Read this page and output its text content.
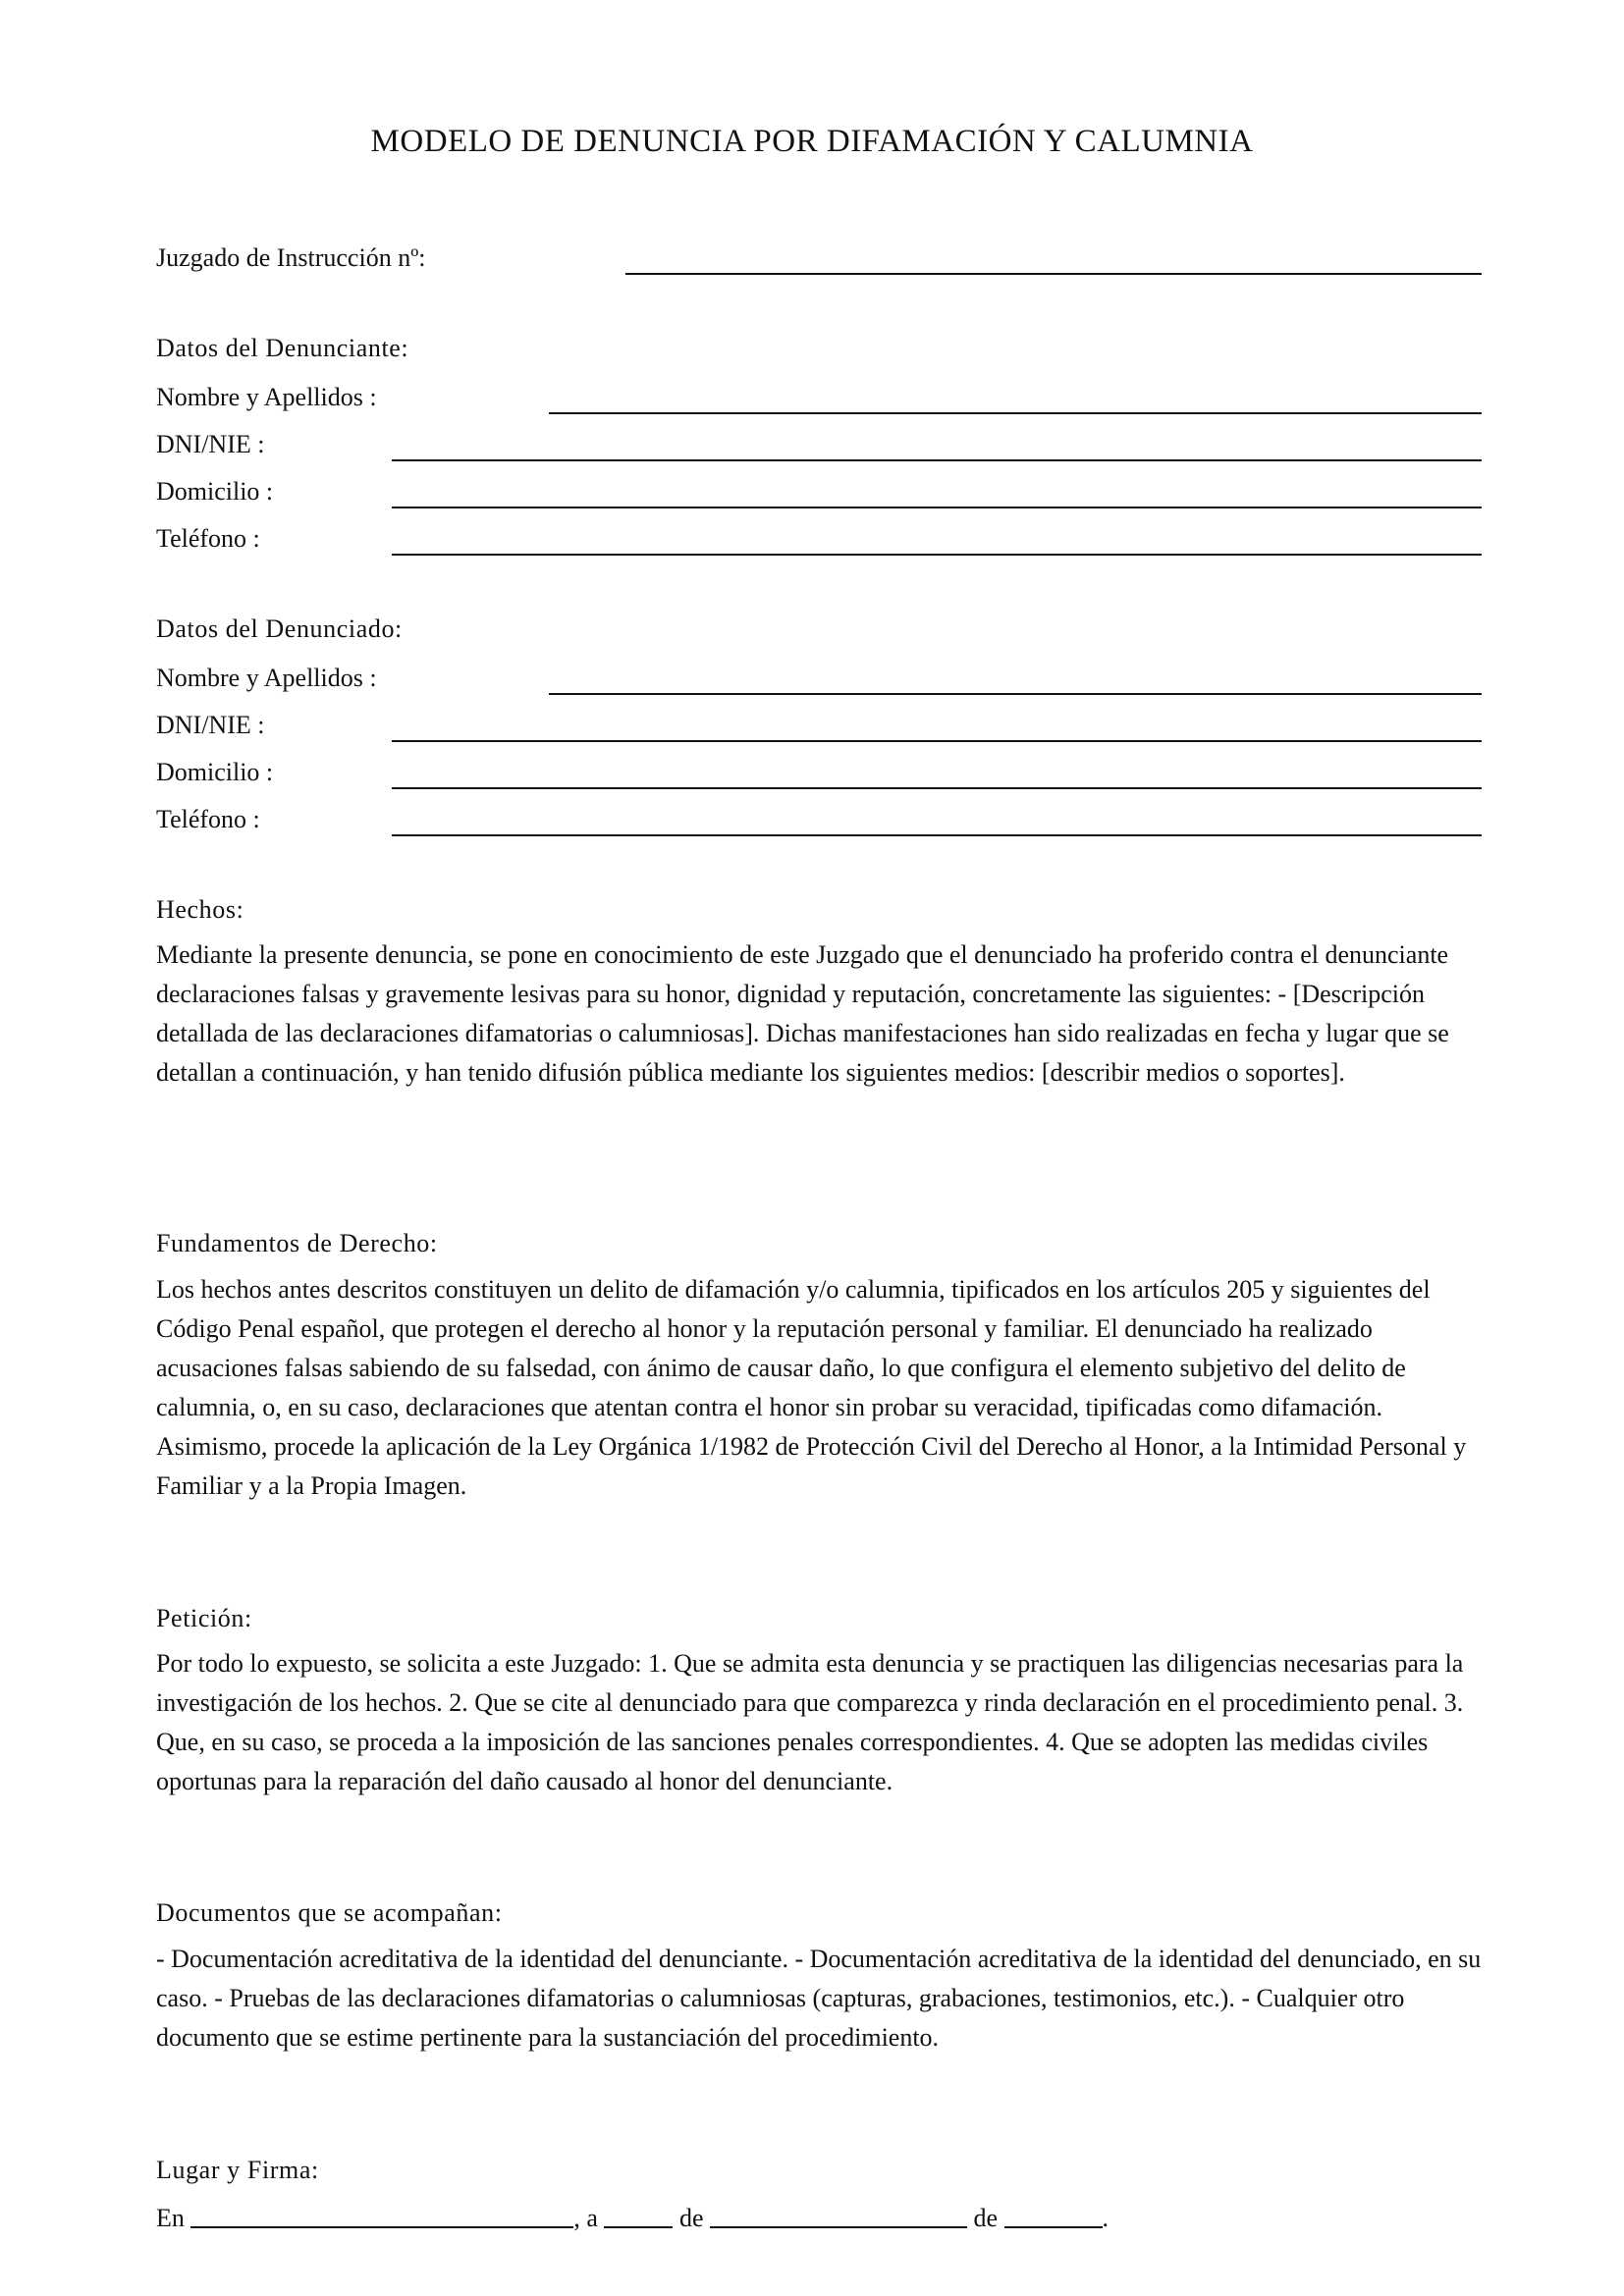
MODELO DE DENUNCIA POR DIFAMACIÓN Y CALUMNIA
Juzgado de Instrucción nº:
Datos del Denunciante:
Nombre y Apellidos :
DNI/NIE :
Domicilio :
Teléfono :
Datos del Denunciado:
Nombre y Apellidos :
DNI/NIE :
Domicilio :
Teléfono :
Hechos:
Mediante la presente denuncia, se pone en conocimiento de este Juzgado que el denunciado ha proferido contra el denunciante declaraciones falsas y gravemente lesivas para su honor, dignidad y reputación, concretamente las siguientes: - [Descripción detallada de las declaraciones difamatorias o calumniosas]. Dichas manifestaciones han sido realizadas en fecha y lugar que se detallan a continuación, y han tenido difusión pública mediante los siguientes medios: [describir medios o soportes].
Fundamentos de Derecho:
Los hechos antes descritos constituyen un delito de difamación y/o calumnia, tipificados en los artículos 205 y siguientes del Código Penal español, que protegen el derecho al honor y la reputación personal y familiar. El denunciado ha realizado acusaciones falsas sabiendo de su falsedad, con ánimo de causar daño, lo que configura el elemento subjetivo del delito de calumnia, o, en su caso, declaraciones que atentan contra el honor sin probar su veracidad, tipificadas como difamación. Asimismo, procede la aplicación de la Ley Orgánica 1/1982 de Protección Civil del Derecho al Honor, a la Intimidad Personal y Familiar y a la Propia Imagen.
Petición:
Por todo lo expuesto, se solicita a este Juzgado: 1. Que se admita esta denuncia y se practiquen las diligencias necesarias para la investigación de los hechos. 2. Que se cite al denunciado para que comparezca y rinda declaración en el procedimiento penal. 3. Que, en su caso, se proceda a la imposición de las sanciones penales correspondientes. 4. Que se adopten las medidas civiles oportunas para la reparación del daño causado al honor del denunciante.
Documentos que se acompañan:
- Documentación acreditativa de la identidad del denunciante. - Documentación acreditativa de la identidad del denunciado, en su caso. - Pruebas de las declaraciones difamatorias o calumniosas (capturas, grabaciones, testimonios, etc.). - Cualquier otro documento que se estime pertinente para la sustanciación del procedimiento.
Lugar y Firma:
En	, a	de	de	.
